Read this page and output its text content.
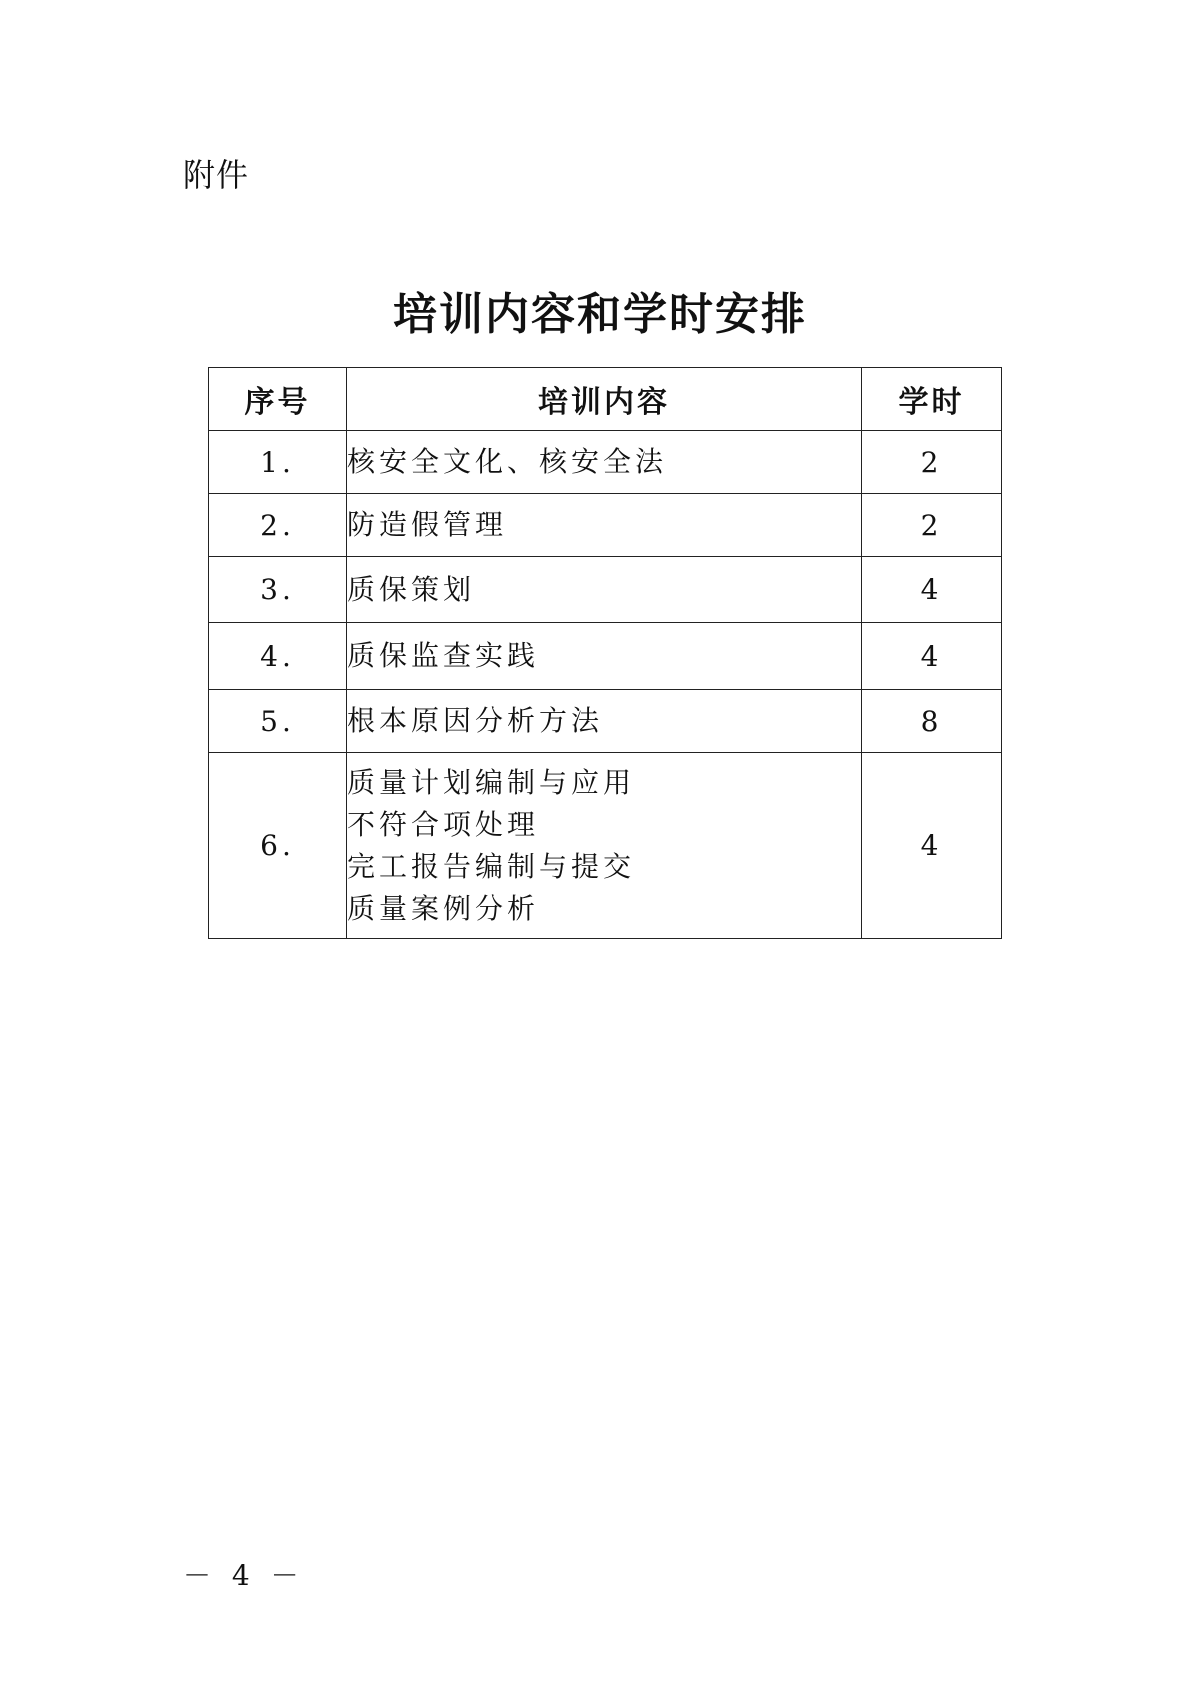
附件
培训内容和学时安排
序号	培训内容	学时
1.	核安全文化、核安全法	2
2.	防造假管理	2
3.	质保策划	4
4.	质保监查实践	4
5.	根本原因分析方法	8
6.	质量计划编制与应用
不符合项处理
完工报告编制与提交
质量案例分析	4
－ 4 －
